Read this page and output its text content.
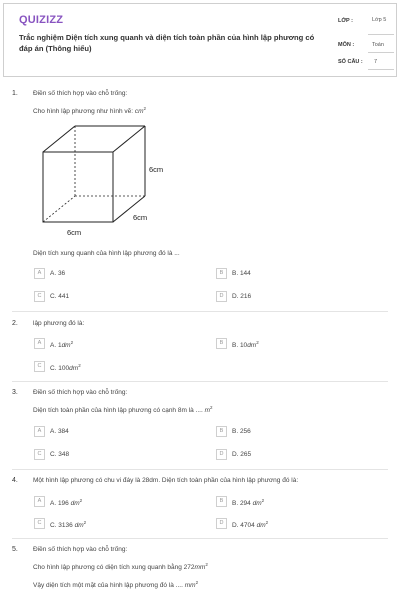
QUIZIZZ
Trắc nghiệm Diện tích xung quanh và diện tích toàn phần của hình lập phương có đáp án (Thông hiểu)
LỚP :	Lớp 5
MÔN :	Toán
SỐ CÂU : 7
1. Điền số thích hợp vào chỗ trống:
Cho hình lập phương như hình vẽ: $cm^2$
6cm
6cm
6cm
Diện tích xung quanh của hình lập phương đó là ...
A	A. 36	B	B. 144
C	C. 441	D	D. 216
2. lập phương đó là:
A	A. $1dm^2$	B	B. $10dm^2$
C	C. $100dm^2$
3. Điền số thích hợp vào chỗ trống:
Diện tích toàn phần của hình lập phương có cạnh 8m là .... $m^2$
A	A. 384	B	B. 256
C	C. 348	D	D. 265
4. Một hình lập phương có chu vi đáy là 28dm. Diện tích toàn phần của hình lập phương đó là:
A	A. 196 $dm^2$	B	B. 294 $dm^2$
C	C. 3136 $dm^2$	D	D. 4704 $dm^2$
5. Điền số thích hợp vào chỗ trống:
Cho hình lập phương có diện tích xung quanh bằng $272mm^2$
Vậy diện tích một mặt của hình lập phương đó là .... $mm^2$
